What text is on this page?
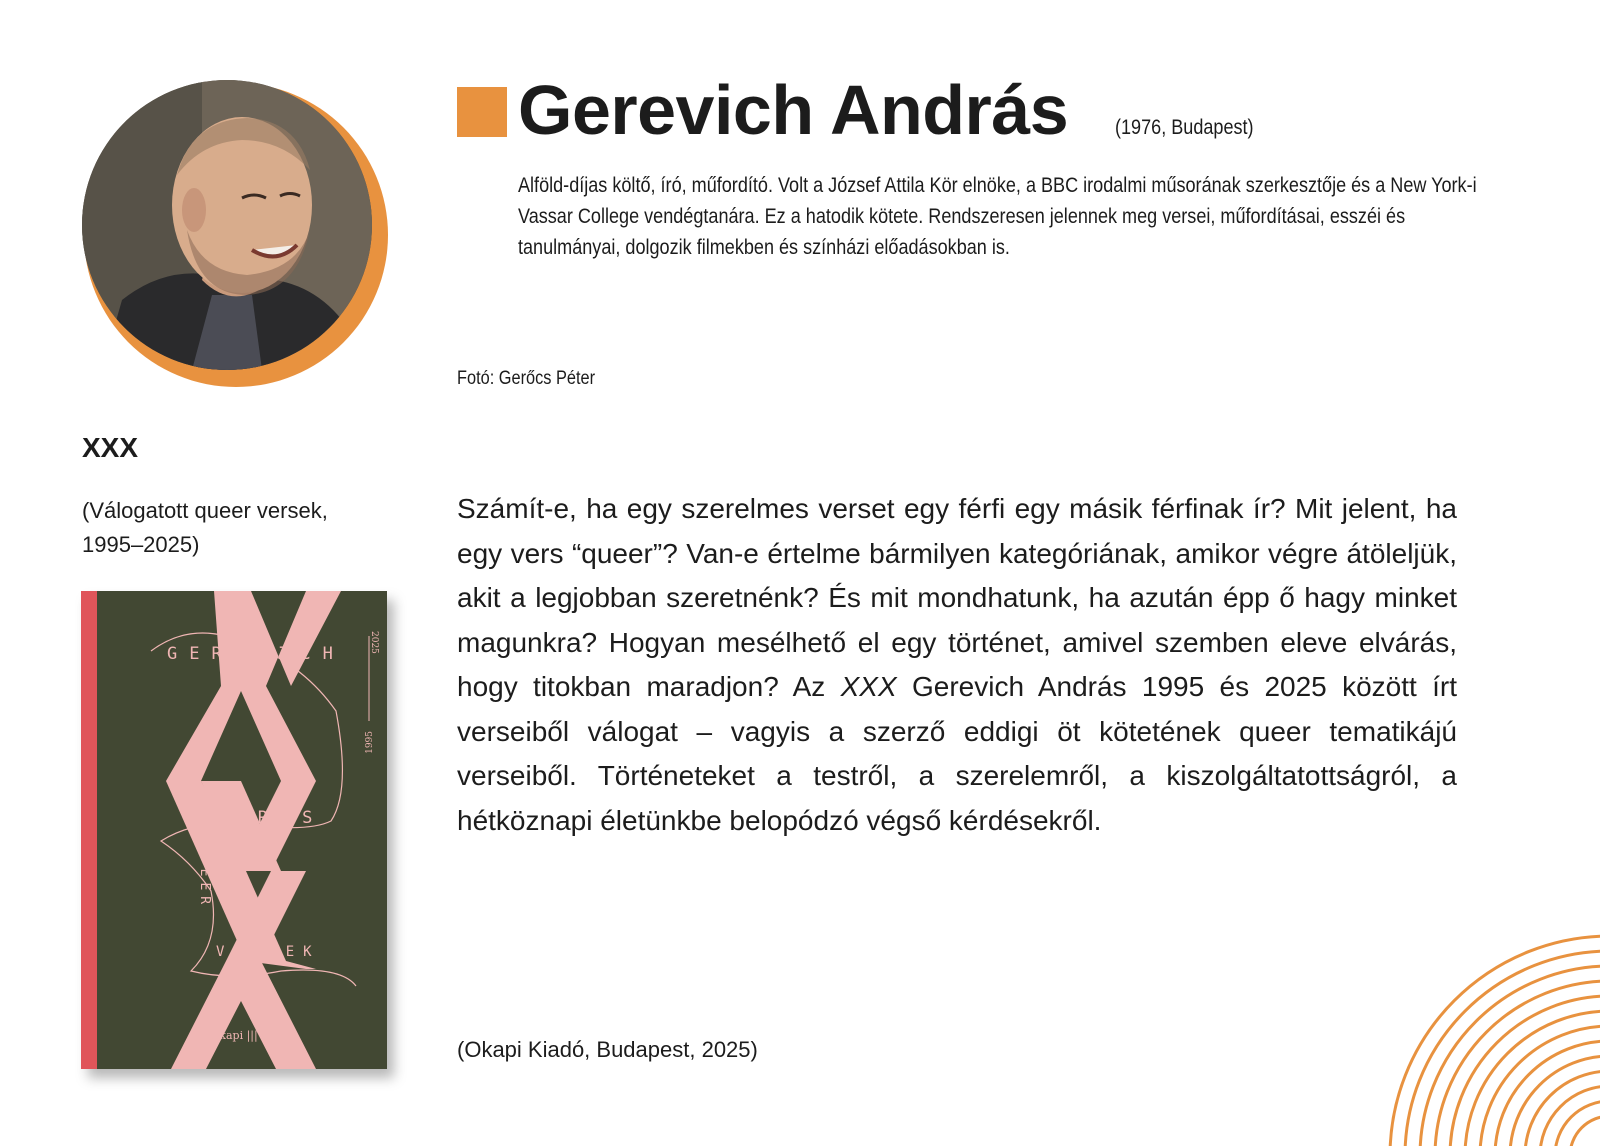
Gerevich András (1976, Budapest)
Alföld-díjas költő, író, műfordító. Volt a József Attila Kör elnöke, a BBC irodalmi műsorának szerkesztője és a New York-i Vassar College vendégtanára. Ez a hatodik kötete. Rendszeresen jelennek meg versei, műfordításai, esszéi és tanulmányai, dolgozik filmekben és színházi előadásokban is.
Fotó: Gerőcs Péter
XXX
(Válogatott queer versek, 1995–2025)
GEREVICH
ANDRÁS
QUEER
VERSEK
2025
1995
Okapi |||
Számít-e, ha egy szerelmes verset egy férfi egy másik férfinak ír? Mit jelent, ha egy vers “queer”? Van-e értelme bármilyen kategóriának, amikor végre átöleljük, akit a legjobban szeretnénk? És mit mondhatunk, ha azután épp ő hagy minket magunkra? Hogyan mesélhető el egy történet, amivel szemben eleve elvárás, hogy titokban maradjon? Az XXX Gerevich András 1995 és 2025 között írt verseiből válogat – vagyis a szerző eddigi öt kötetének queer tematikájú verseiből. Történeteket a testről, a szerelemről, a kiszolgáltatottságról, a hétköznapi életünkbe belopódzó végső kérdésekről.
(Okapi Kiadó, Budapest, 2025)
